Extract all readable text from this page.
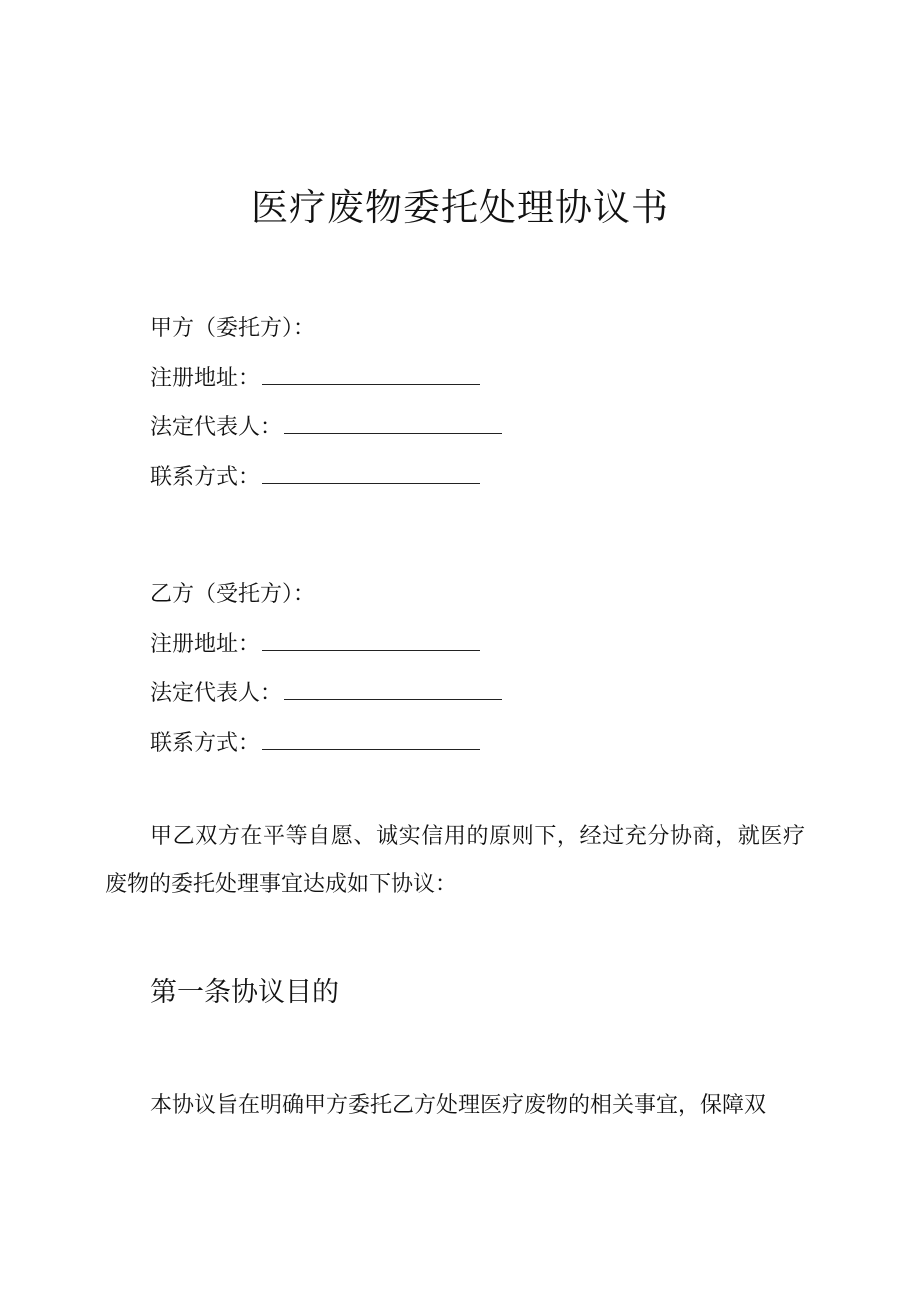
医疗废物委托处理协议书
甲方（委托方）：
注册地址：
法定代表人：
联系方式：
乙方（受托方）：
注册地址：
法定代表人：
联系方式：
甲乙双方在平等自愿、诚实信用的原则下，经过充分协商，就医疗废物的委托处理事宜达成如下协议：
第一条协议目的
本协议旨在明确甲方委托乙方处理医疗废物的相关事宜，保障双
